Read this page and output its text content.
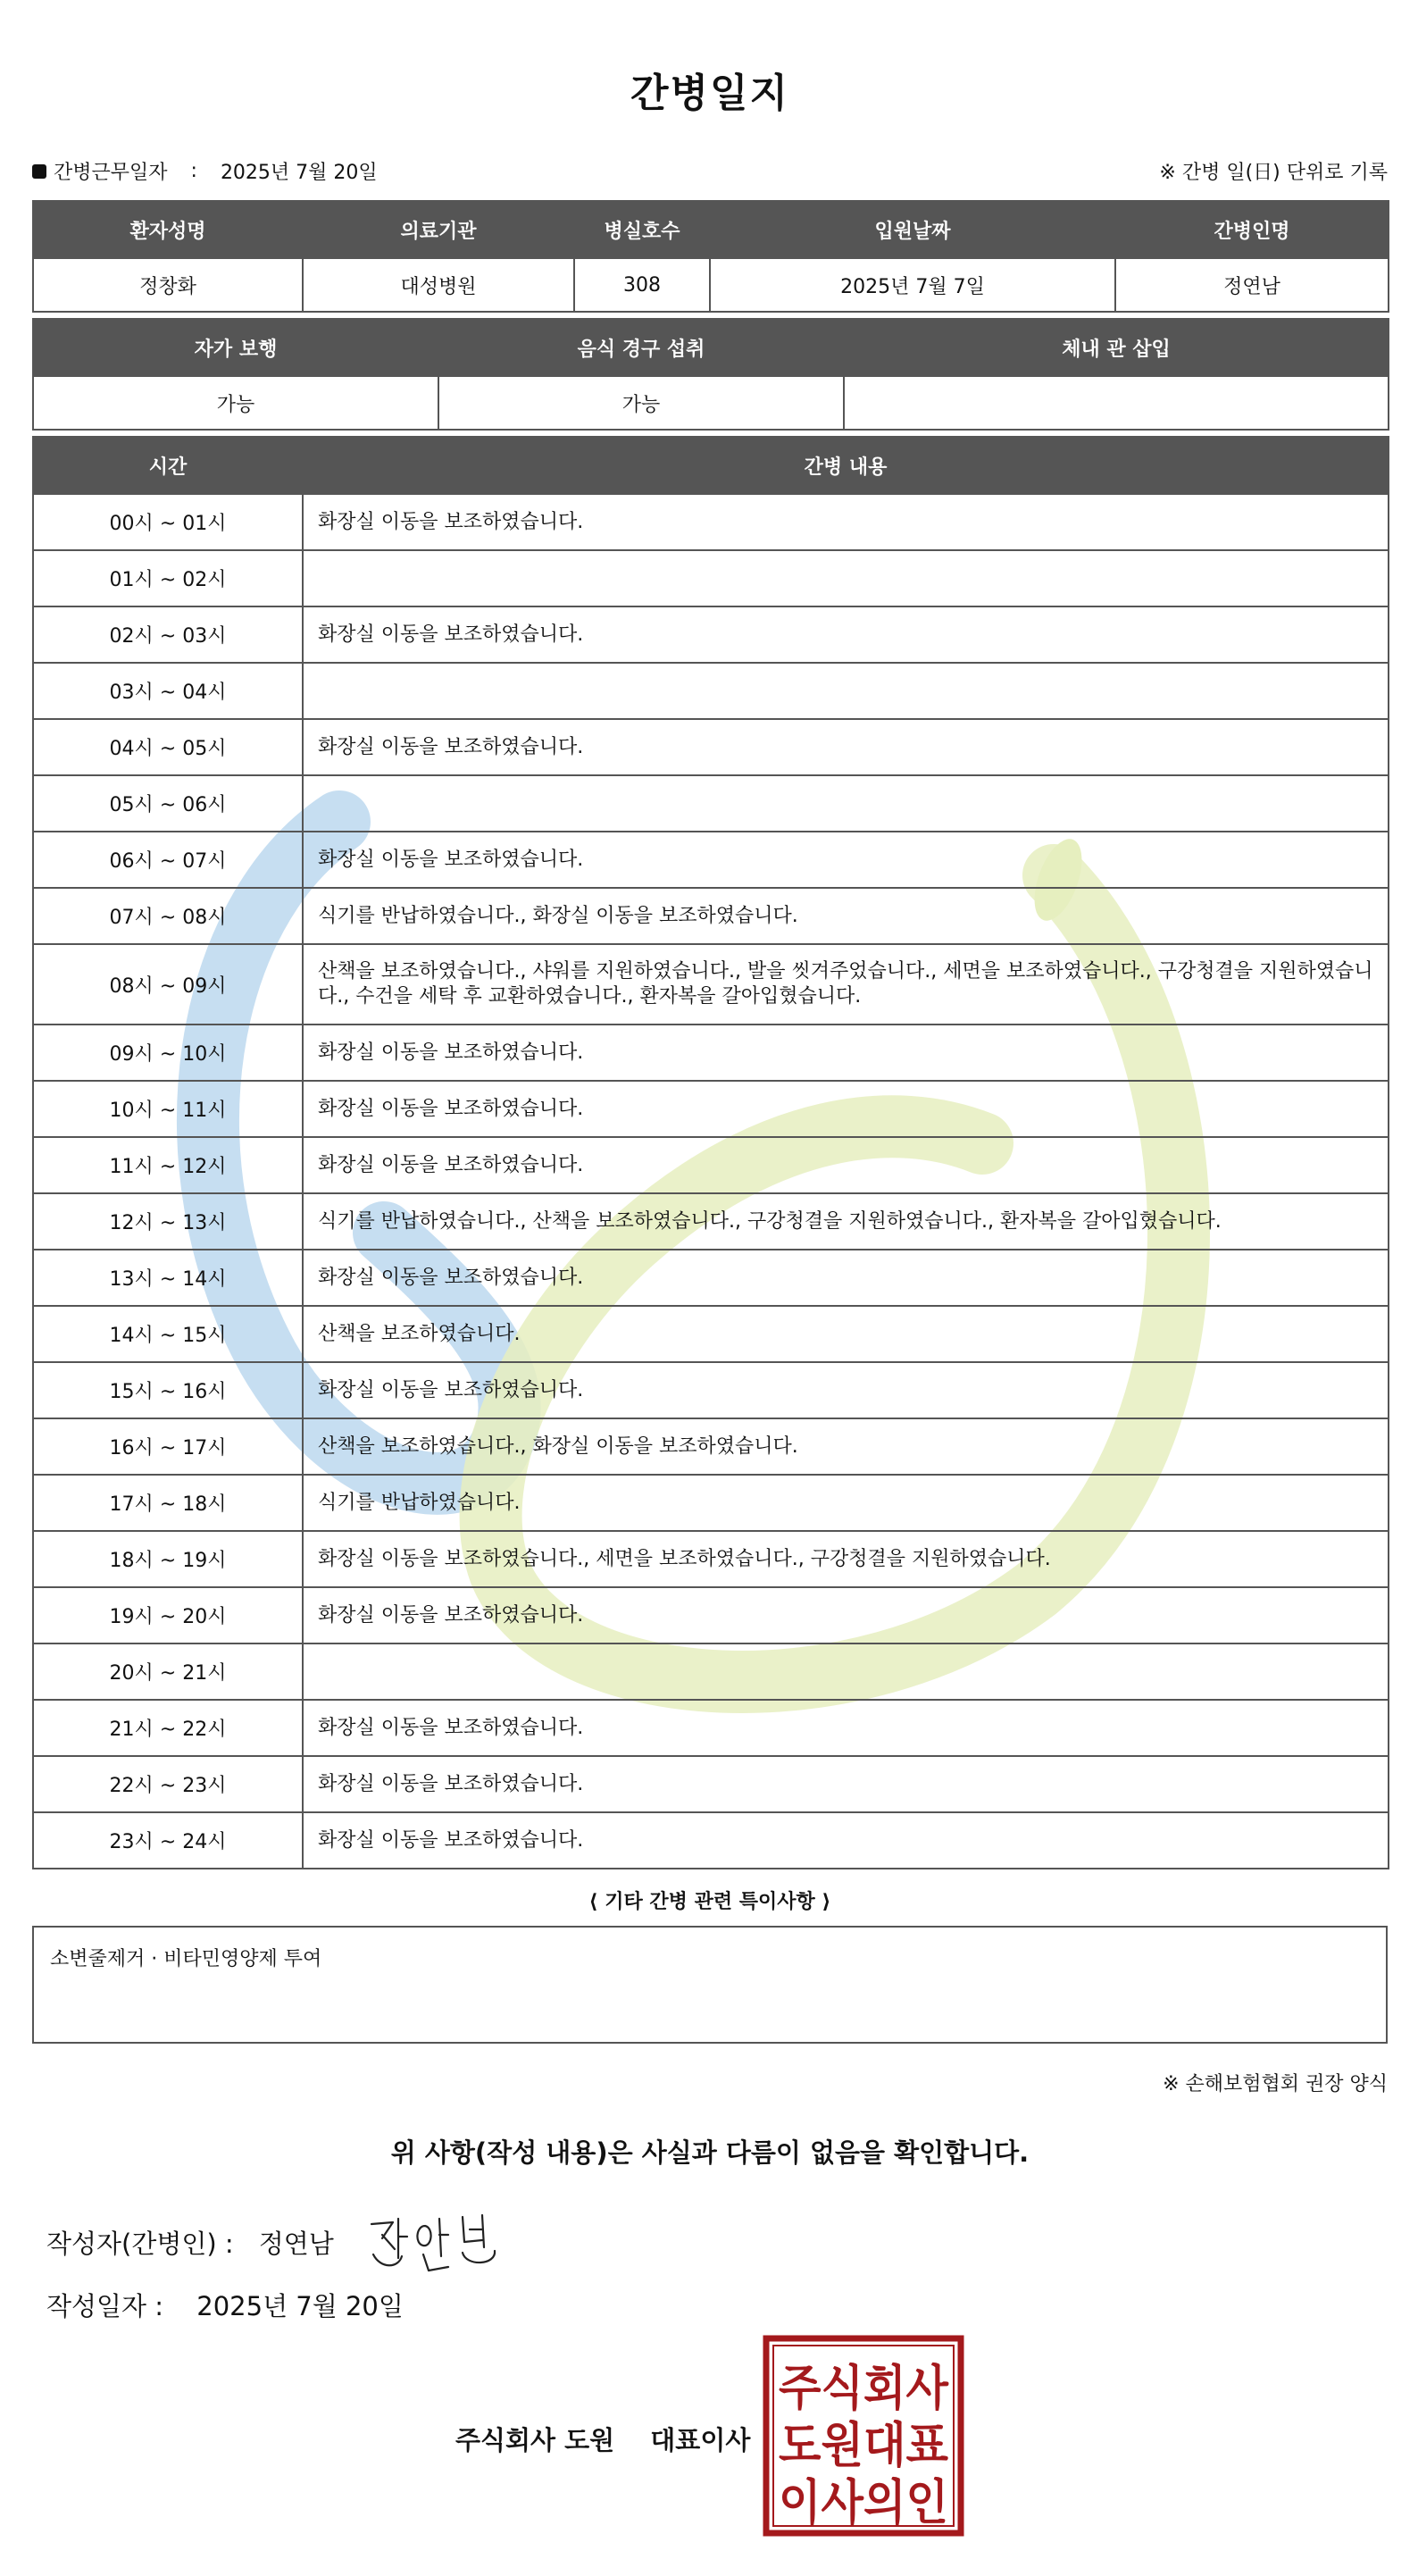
간병일지
간병근무일자 : 2025년 7월 20일	※ 간병 일(日) 단위로 기록
환자성명	의료기관	병실호수	입원날짜	간병인명
정창화	대성병원	308	2025년 7월 7일	정연남
자가 보행	음식 경구 섭취	체내 관 삽입
가능	가능	
시간	간병 내용
00시 ~ 01시	화장실 이동을 보조하였습니다.
01시 ~ 02시	
02시 ~ 03시	화장실 이동을 보조하였습니다.
03시 ~ 04시	
04시 ~ 05시	화장실 이동을 보조하였습니다.
05시 ~ 06시	
06시 ~ 07시	화장실 이동을 보조하였습니다.
07시 ~ 08시	식기를 반납하였습니다., 화장실 이동을 보조하였습니다.
08시 ~ 09시	산책을 보조하였습니다., 샤워를 지원하였습니다., 발을 씻겨주었습니다., 세면을 보조하였습니다., 구강청결을 지원하였습니다., 수건을 세탁 후 교환하였습니다., 환자복을 갈아입혔습니다.
09시 ~ 10시	화장실 이동을 보조하였습니다.
10시 ~ 11시	화장실 이동을 보조하였습니다.
11시 ~ 12시	화장실 이동을 보조하였습니다.
12시 ~ 13시	식기를 반납하였습니다., 산책을 보조하였습니다., 구강청결을 지원하였습니다., 환자복을 갈아입혔습니다.
13시 ~ 14시	화장실 이동을 보조하였습니다.
14시 ~ 15시	산책을 보조하였습니다.
15시 ~ 16시	화장실 이동을 보조하였습니다.
16시 ~ 17시	산책을 보조하였습니다., 화장실 이동을 보조하였습니다.
17시 ~ 18시	식기를 반납하였습니다.
18시 ~ 19시	화장실 이동을 보조하였습니다., 세면을 보조하였습니다., 구강청결을 지원하였습니다.
19시 ~ 20시	화장실 이동을 보조하였습니다.
20시 ~ 21시	
21시 ~ 22시	화장실 이동을 보조하였습니다.
22시 ~ 23시	화장실 이동을 보조하였습니다.
23시 ~ 24시	화장실 이동을 보조하였습니다.
⟨ 기타 간병 관련 특이사항 ⟩
소변줄제거 · 비타민영양제 투여
※ 손해보험협회 권장 양식
위 사항(작성 내용)은 사실과 다름이 없음을 확인합니다.
작성자(간병인) : 정연남
작성일자 : 2025년 7월 20일
주식회사 도원 대표이사
주식회사
도원대표
이사의인
